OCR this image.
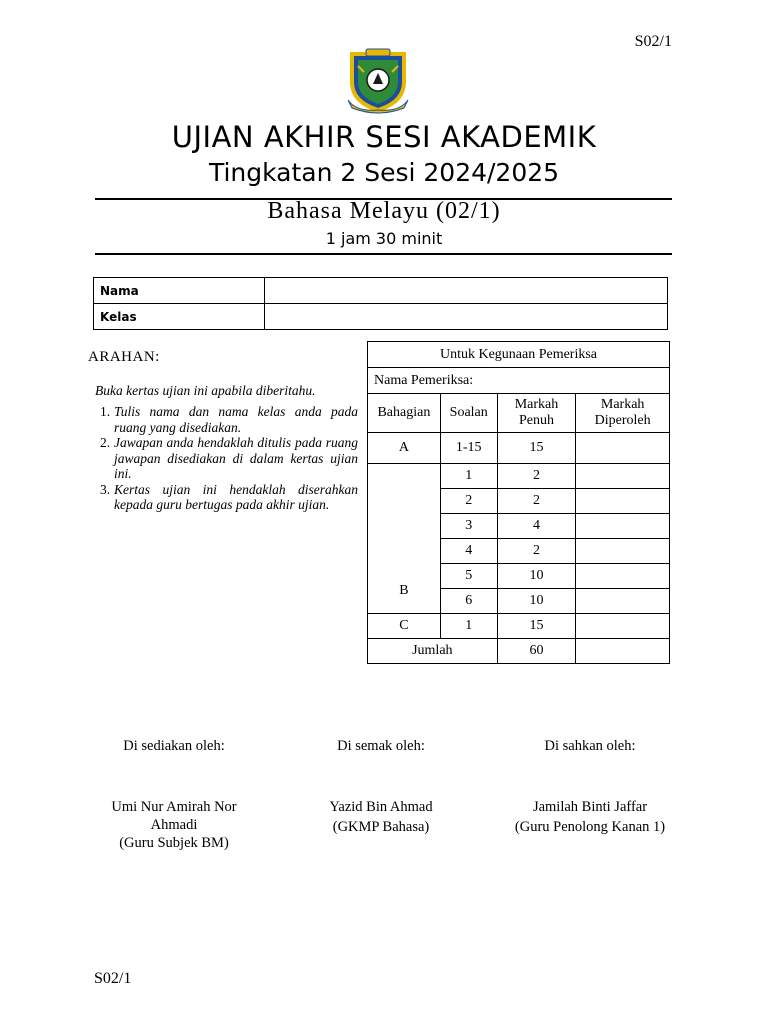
S02/1
UJIAN AKHIR SESI AKADEMIK
Tingkatan 2 Sesi 2024/2025
Bahasa Melayu (02/1)
1 jam 30 minit
Nama	
Kelas	
ARAHAN:
Buka kertas ujian ini apabila diberitahu.
1. Tulis nama dan nama kelas anda pada ruang yang disediakan.
2. Jawapan anda hendaklah ditulis pada ruang jawapan disediakan di dalam kertas ujian ini.
3. Kertas ujian ini hendaklah diserahkan kepada guru bertugas pada akhir ujian.
Untuk Kegunaan Pemeriksa			
Nama Pemeriksa:			
Bahagian	Soalan	Markah Penuh	Markah Diperoleh
A	1-15	15	
B	1	2	
	2	2	
	3	4	
	4	2	
	5	10	
	6	10	
C	1	15	
Jumlah		60	
Di sediakan oleh:	Di semak oleh:	Di sahkan oleh:
Umi Nur Amirah Nor
Ahmadi
(Guru Subjek BM)
Yazid Bin Ahmad
(GKMP Bahasa)
Jamilah Binti Jaffar
(Guru Penolong Kanan 1)
S02/1
